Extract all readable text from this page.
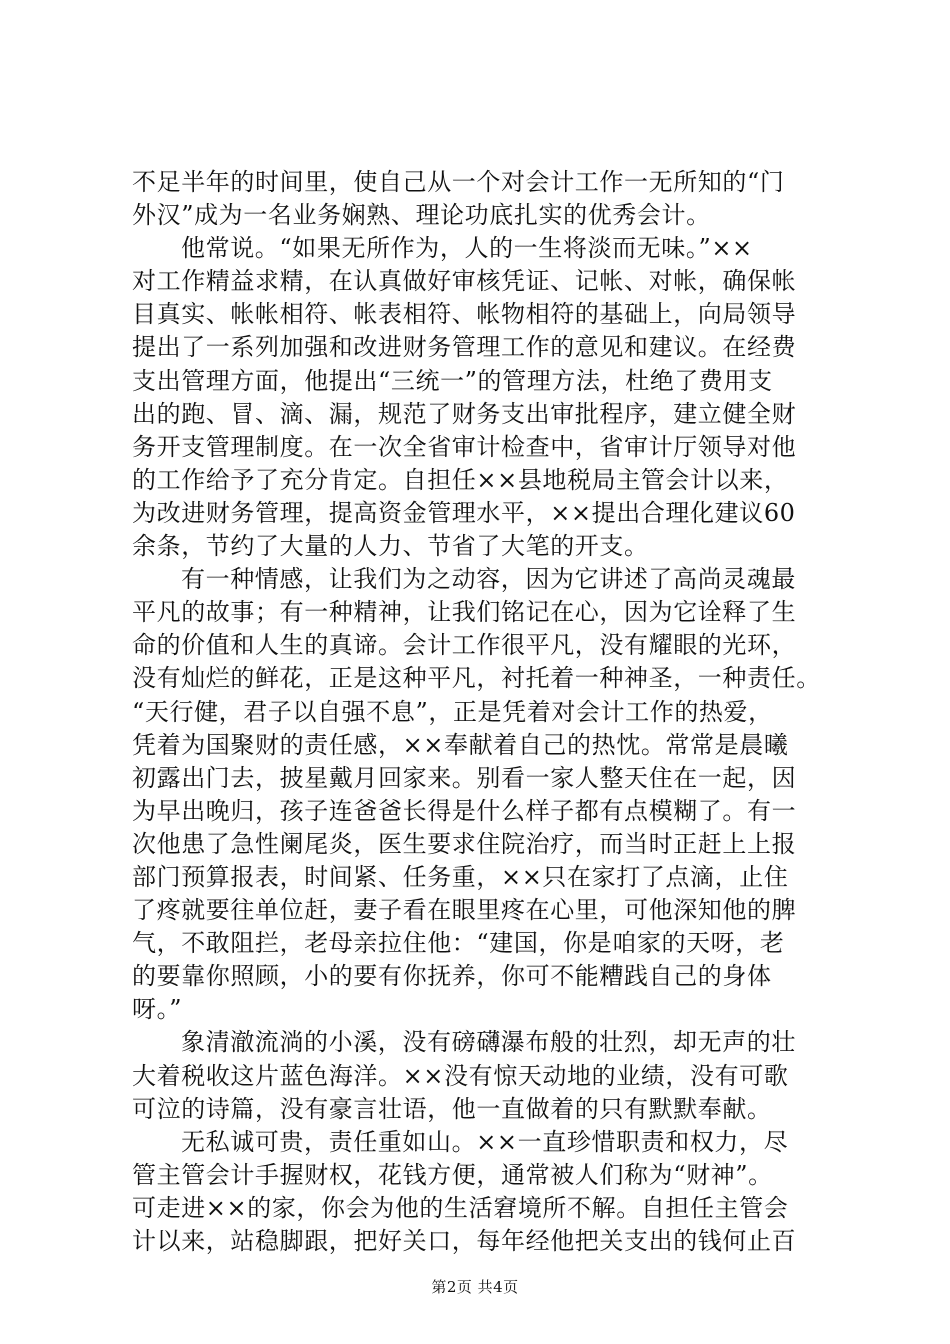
不足半年的时间里，使自己从一个对会计工作一无所知的“门
外汉”成为一名业务娴熟、理论功底扎实的优秀会计。
他常说。“如果无所作为，人的一生将淡而无味。”××
对工作精益求精，在认真做好审核凭证、记帐、对帐，确保帐
目真实、帐帐相符、帐表相符、帐物相符的基础上，向局领导
提出了一系列加强和改进财务管理工作的意见和建议。在经费
支出管理方面，他提出“三统一”的管理方法，杜绝了费用支
出的跑、冒、滴、漏，规范了财务支出审批程序，建立健全财
务开支管理制度。在一次全省审计检查中，省审计厅领导对他
的工作给予了充分肯定。自担任××县地税局主管会计以来，
为改进财务管理，提高资金管理水平，××提出合理化建议60
余条，节约了大量的人力、节省了大笔的开支。
有一种情感，让我们为之动容，因为它讲述了高尚灵魂最
平凡的故事；有一种精神，让我们铭记在心，因为它诠释了生
命的价值和人生的真谛。会计工作很平凡，没有耀眼的光环，
没有灿烂的鲜花，正是这种平凡，衬托着一种神圣，一种责任。
“天行健，君子以自强不息”，正是凭着对会计工作的热爱，
凭着为国聚财的责任感，××奉献着自己的热忱。常常是晨曦
初露出门去，披星戴月回家来。别看一家人整天住在一起，因
为早出晚归，孩子连爸爸长得是什么样子都有点模糊了。有一
次他患了急性阑尾炎，医生要求住院治疗，而当时正赶上上报
部门预算报表，时间紧、任务重，××只在家打了点滴，止住
了疼就要往单位赶，妻子看在眼里疼在心里，可他深知他的脾
气，不敢阻拦，老母亲拉住他：“建国，你是咱家的天呀，老
的要靠你照顾，小的要有你抚养，你可不能糟践自己的身体
呀。”
象清澈流淌的小溪，没有磅礴瀑布般的壮烈，却无声的壮
大着税收这片蓝色海洋。××没有惊天动地的业绩，没有可歌
可泣的诗篇，没有豪言壮语，他一直做着的只有默默奉献。
无私诚可贵，责任重如山。××一直珍惜职责和权力，尽
管主管会计手握财权，花钱方便，通常被人们称为“财神”。
可走进××的家，你会为他的生活窘境所不解。自担任主管会
计以来，站稳脚跟，把好关口，每年经他把关支出的钱何止百
第2页 共4页
